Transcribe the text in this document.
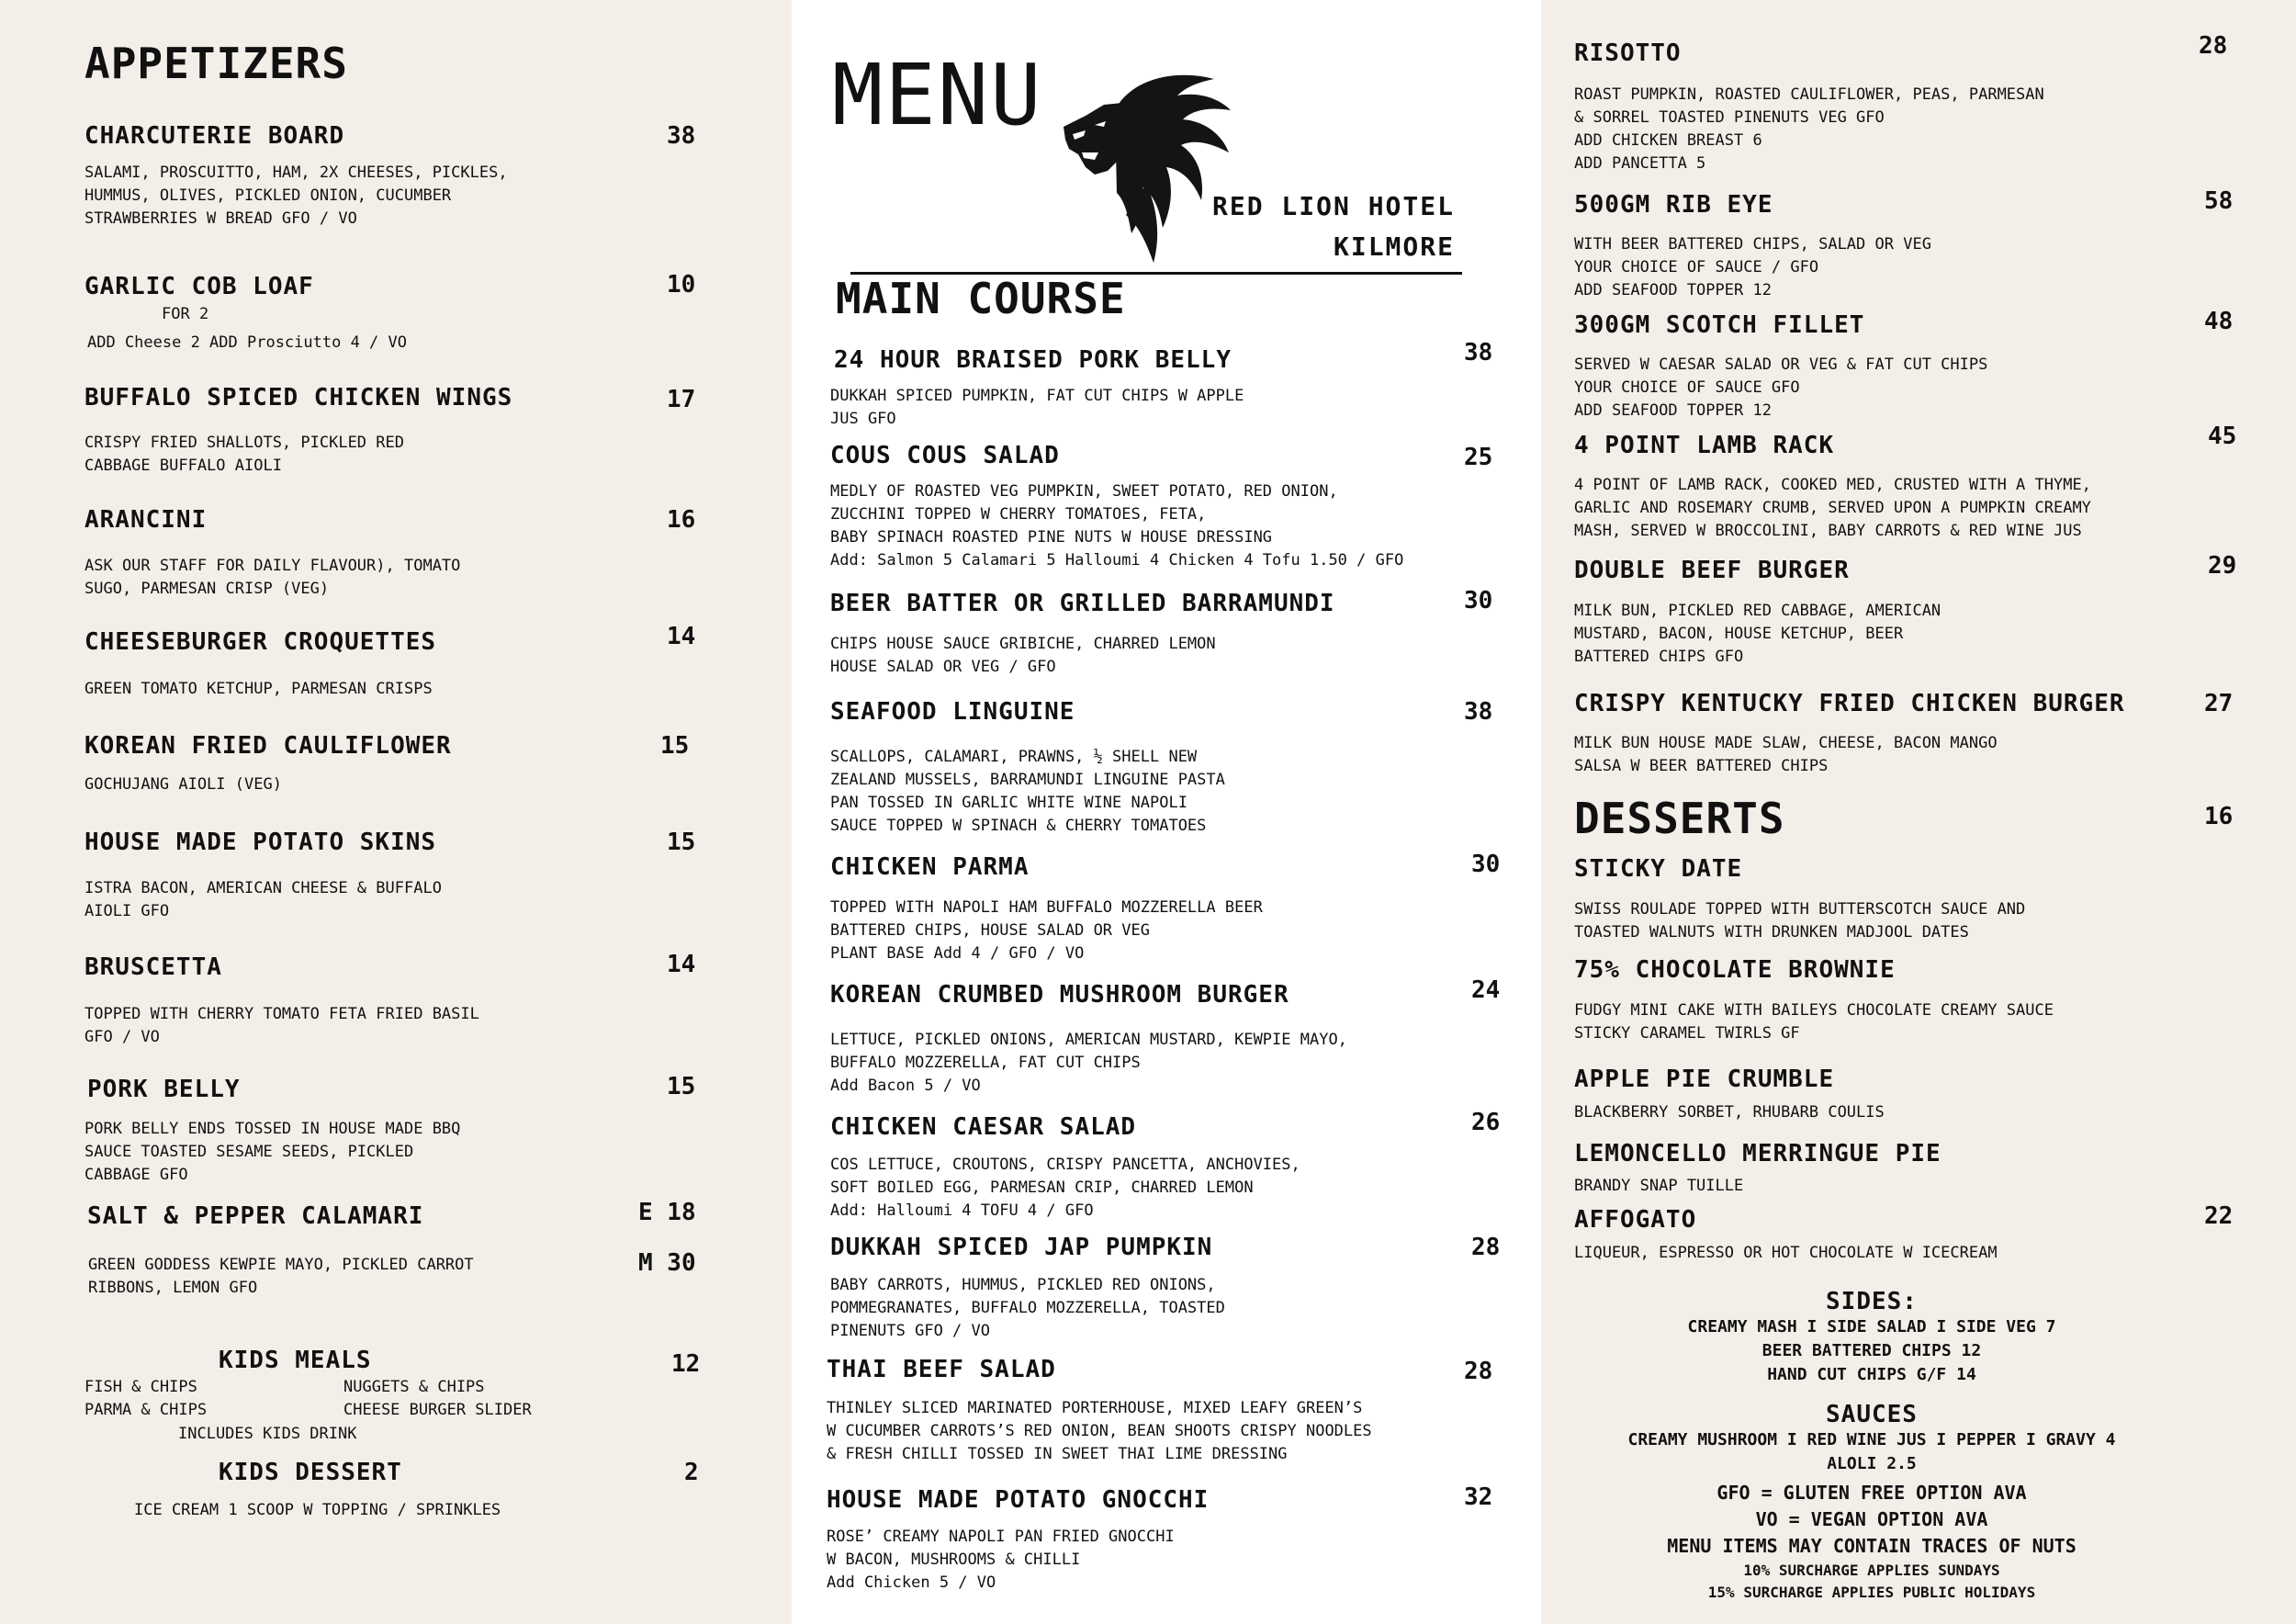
APPETIZERS
CHARCUTERIE BOARD	38
SALAMI, PROSCUITTO, HAM, 2X CHEESES, PICKLES,
HUMMUS, OLIVES, PICKLED ONION, CUCUMBER
STRAWBERRIES W BREAD GFO / VO
GARLIC COB LOAF	10
FOR 2
ADD Cheese 2 ADD Prosciutto 4 / VO
BUFFALO SPICED CHICKEN WINGS	17
CRISPY FRIED SHALLOTS, PICKLED RED
CABBAGE BUFFALO AIOLI
ARANCINI	16
ASK OUR STAFF FOR DAILY FLAVOUR), TOMATO
SUGO, PARMESAN CRISP (VEG)
CHEESEBURGER CROQUETTES	14
GREEN TOMATO KETCHUP, PARMESAN CRISPS
KOREAN FRIED CAULIFLOWER	15
GOCHUJANG AIOLI (VEG)
HOUSE MADE POTATO SKINS	15
ISTRA BACON, AMERICAN CHEESE & BUFFALO
AIOLI GFO
BRUSCETTA	14
TOPPED WITH CHERRY TOMATO FETA FRIED BASIL
GFO / VO
PORK BELLY	15
PORK BELLY ENDS TOSSED IN HOUSE MADE BBQ
SAUCE TOASTED SESAME SEEDS, PICKLED
CABBAGE GFO
SALT & PEPPER CALAMARI	E 18
M 30
GREEN GODDESS KEWPIE MAYO, PICKLED CARROT
RIBBONS, LEMON GFO
KIDS MEALS	12
FISH & CHIPS
PARMA & CHIPS
NUGGETS & CHIPS
CHEESE BURGER SLIDER
INCLUDES KIDS DRINK
KIDS DESSERT	2
ICE CREAM 1 SCOOP W TOPPING / SPRINKLES
MENU
RED LION HOTEL
KILMORE
MAIN COURSE
24 HOUR BRAISED PORK BELLY	38
DUKKAH SPICED PUMPKIN, FAT CUT CHIPS W APPLE
JUS GFO
COUS COUS SALAD	25
MEDLY OF ROASTED VEG PUMPKIN, SWEET POTATO, RED ONION,
ZUCCHINI TOPPED W CHERRY TOMATOES, FETA,
BABY SPINACH ROASTED PINE NUTS W HOUSE DRESSING
Add: Salmon 5 Calamari 5 Halloumi 4 Chicken 4 Tofu 1.50 / GFO
BEER BATTER OR GRILLED BARRAMUNDI	30
CHIPS HOUSE SAUCE GRIBICHE, CHARRED LEMON
HOUSE SALAD OR VEG / GFO
SEAFOOD LINGUINE	38
SCALLOPS, CALAMARI, PRAWNS, ½ SHELL NEW
ZEALAND MUSSELS, BARRAMUNDI LINGUINE PASTA
PAN TOSSED IN GARLIC WHITE WINE NAPOLI
SAUCE TOPPED W SPINACH & CHERRY TOMATOES
CHICKEN PARMA	30
TOPPED WITH NAPOLI HAM BUFFALO MOZZERELLA BEER
BATTERED CHIPS, HOUSE SALAD OR VEG
PLANT BASE Add 4 / GFO / VO
KOREAN CRUMBED MUSHROOM BURGER	24
LETTUCE, PICKLED ONIONS, AMERICAN MUSTARD, KEWPIE MAYO,
BUFFALO MOZZERELLA, FAT CUT CHIPS
Add Bacon 5 / VO
CHICKEN CAESAR SALAD	26
COS LETTUCE, CROUTONS, CRISPY PANCETTA, ANCHOVIES,
SOFT BOILED EGG, PARMESAN CRIP, CHARRED LEMON
Add: Halloumi 4 TOFU 4 / GFO
DUKKAH SPICED JAP PUMPKIN	28
BABY CARROTS, HUMMUS, PICKLED RED ONIONS,
POMMEGRANATES, BUFFALO MOZZERELLA, TOASTED
PINENUTS GFO / VO
THAI BEEF SALAD	28
THINLEY SLICED MARINATED PORTERHOUSE, MIXED LEAFY GREEN’S
W CUCUMBER CARROTS’S RED ONION, BEAN SHOOTS CRISPY NOODLES
& FRESH CHILLI TOSSED IN SWEET THAI LIME DRESSING
HOUSE MADE POTATO GNOCCHI	32
ROSE’ CREAMY NAPOLI PAN FRIED GNOCCHI
W BACON, MUSHROOMS & CHILLI
Add Chicken 5 / VO
RISOTTO	28
ROAST PUMPKIN, ROASTED CAULIFLOWER, PEAS, PARMESAN
& SORREL TOASTED PINENUTS VEG GFO
ADD CHICKEN BREAST 6
ADD PANCETTA 5
500GM RIB EYE	58
WITH BEER BATTERED CHIPS, SALAD OR VEG
YOUR CHOICE OF SAUCE / GFO
ADD SEAFOOD TOPPER 12
300GM SCOTCH FILLET	48
SERVED W CAESAR SALAD OR VEG & FAT CUT CHIPS
YOUR CHOICE OF SAUCE GFO
ADD SEAFOOD TOPPER 12
4 POINT LAMB RACK	45
4 POINT OF LAMB RACK, COOKED MED, CRUSTED WITH A THYME,
GARLIC AND ROSEMARY CRUMB, SERVED UPON A PUMPKIN CREAMY
MASH, SERVED W BROCCOLINI, BABY CARROTS & RED WINE JUS
DOUBLE BEEF BURGER	29
MILK BUN, PICKLED RED CABBAGE, AMERICAN
MUSTARD, BACON, HOUSE KETCHUP, BEER
BATTERED CHIPS GFO
CRISPY KENTUCKY FRIED CHICKEN BURGER	27
MILK BUN HOUSE MADE SLAW, CHEESE, BACON MANGO
SALSA W BEER BATTERED CHIPS
DESSERTS	16
STICKY DATE
SWISS ROULADE TOPPED WITH BUTTERSCOTCH SAUCE AND
TOASTED WALNUTS WITH DRUNKEN MADJOOL DATES
75% CHOCOLATE BROWNIE
FUDGY MINI CAKE WITH BAILEYS CHOCOLATE CREAMY SAUCE
STICKY CARAMEL TWIRLS GF
APPLE PIE CRUMBLE
BLACKBERRY SORBET, RHUBARB COULIS
LEMONCELLO MERRINGUE PIE
BRANDY SNAP TUILLE
AFFOGATO	22
LIQUEUR, ESPRESSO OR HOT CHOCOLATE W ICECREAM
SIDES:
CREAMY MASH I SIDE SALAD I SIDE VEG 7
BEER BATTERED CHIPS 12
HAND CUT CHIPS G/F 14
SAUCES
CREAMY MUSHROOM I RED WINE JUS I PEPPER I GRAVY 4
ALOLI 2.5
GFO = GLUTEN FREE OPTION AVA
VO = VEGAN OPTION AVA
MENU ITEMS MAY CONTAIN TRACES OF NUTS
10% SURCHARGE APPLIES SUNDAYS
15% SURCHARGE APPLIES PUBLIC HOLIDAYS
